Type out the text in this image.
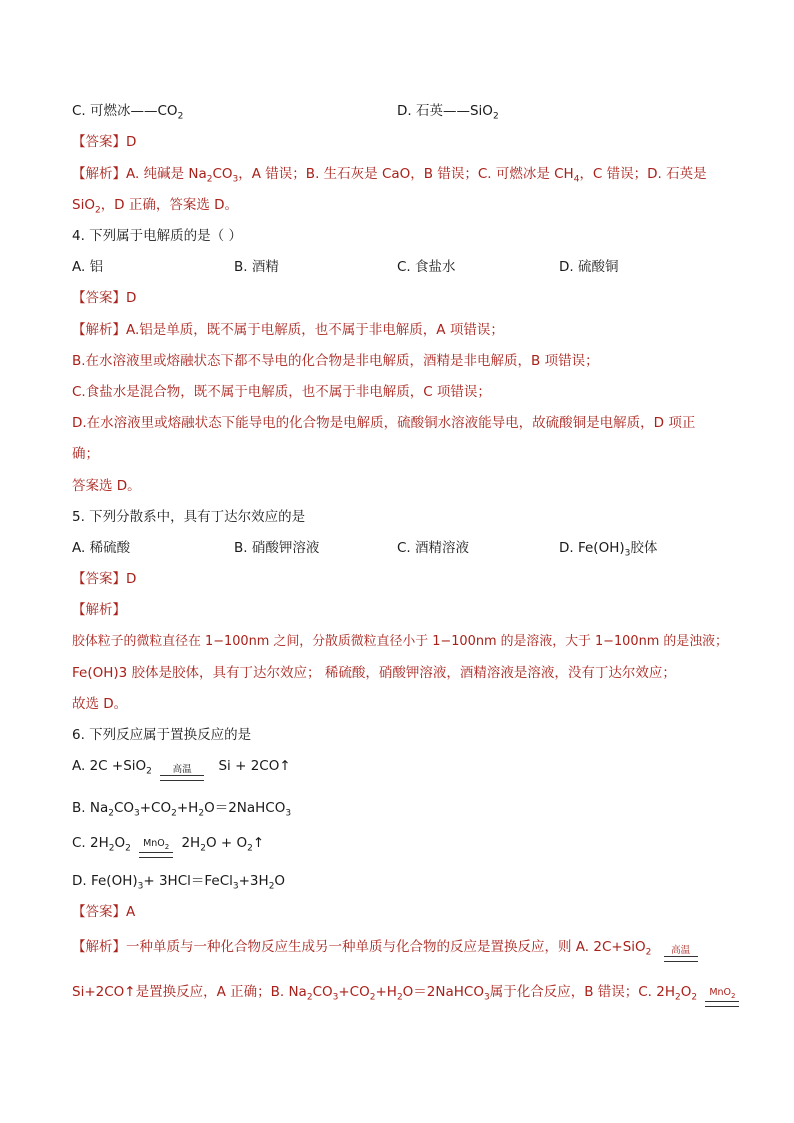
C. 可燃冰$——CO_2$	D. 石英——SiO$_2$
【答案】D
【解析】A. 纯碱是 $Na_2CO_3$，A 错误；B. 生石灰是 CaO，B 错误；C. 可燃冰是 $CH_4$，C 错误；D. 石英是
SiO$_2$，D 正确，答案选 D。
4. 下列属于电解质的是（ ）
A. 铝	B. 酒精	C. 食盐水	D. 硫酸铜
【答案】D
【解析】A.铝是单质，既不属于电解质，也不属于非电解质，A 项错误；
B.在水溶液里或熔融状态下都不导电的化合物是非电解质，酒精是非电解质，B 项错误；
C.食盐水是混合物，既不属于电解质，也不属于非电解质，C 项错误；
D.在水溶液里或熔融状态下能导电的化合物是电解质，硫酸铜水溶液能导电，故硫酸铜是电解质，D 项正
确；
答案选 D。
5. 下列分散系中，具有丁达尔效应的是
A. 稀硫酸	B. 硝酸钾溶液	C. 酒精溶液	D. $Fe(OH)_3$胶体
【答案】D
【解析】
胶体粒子的微粒直径在 1−100nm 之间，分散质微粒直径小于 1−100nm 的是溶液，大于 1−100nm 的是浊液；
Fe(OH)3 胶体是胶体，具有丁达尔效应； 稀硫酸，硝酸钾溶液，酒精溶液是溶液，没有丁达尔效应；
故选 D。
6. 下列反应属于置换反应的是
A. 2C +SiO$_2$	高温	Si + 2CO↑
B. $Na_2CO_3+CO_2+H_2O=2NaHCO_3$
C. $2H_2O_2$	MnO$_2$ $2H_2O$ + $O_2↑$
D. $Fe(OH)_3+$ $3HCl=FeCl_3+3H_2O$
【答案】A
【解析】一种单质与一种化合物反应生成另一种单质与化合物的反应是置换反应，则 A. 2C+SiO$_2$	高温
Si+2CO↑是置换反应，A 正确；B. $Na_2CO_3+CO_2+H_2O=2NaHCO_3$属于化合反应，B 错误；C. $2H_2O_2$	MnO$_2$
